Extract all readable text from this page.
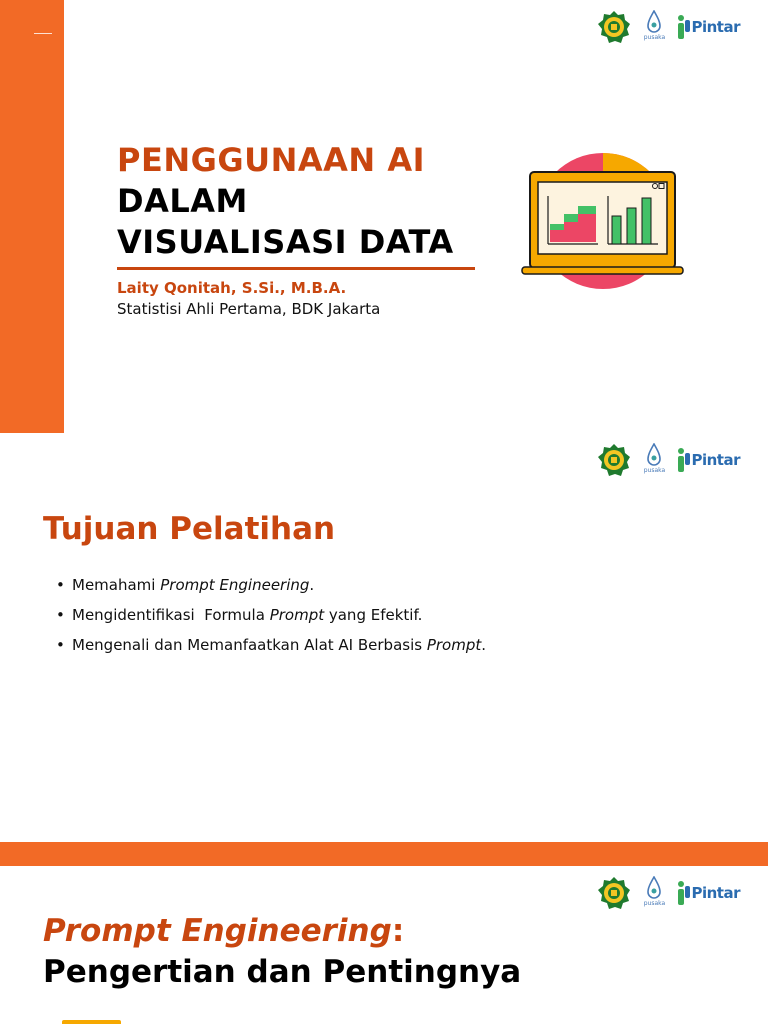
pusaka
Pintar
PENGGUNAAN AI
DALAM
VISUALISASI DATA
Laity Qonitah, S.Si., M.B.A.
Statistisi Ahli Pertama, BDK Jakarta
pusaka
Pintar
Tujuan Pelatihan
• Memahami Prompt Engineering.
• Mengidentifikasi  Formula Prompt yang Efektif.
• Mengenali dan Memanfaatkan Alat AI Berbasis Prompt.
pusaka
Pintar
Prompt Engineering:
Pengertian dan Pentingnya
